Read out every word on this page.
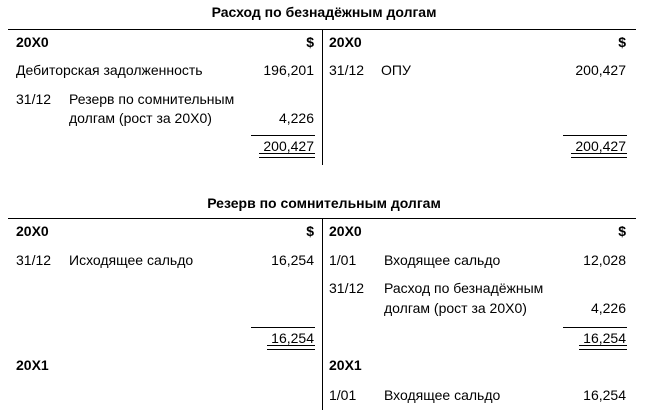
Расход по безнадёжным долгам
20X0	$
Дебиторская задолженность	196,201
31/12 Резерв по сомнительным
долгам (рост за 20X0)	4,226
200,427
20X0	$
31/12 ОПУ	200,427
200,427
Резерв по сомнительным долгам
20X0	$
31/12 Исходящее сальдо	16,254
16,254
20X1
20X0	$
1/01 Входящее сальдо	12,028
31/12 Расход по безнадёжным
долгам (рост за 20X0)	4,226
16,254
20X1
1/01 Входящее сальдо	16,254
